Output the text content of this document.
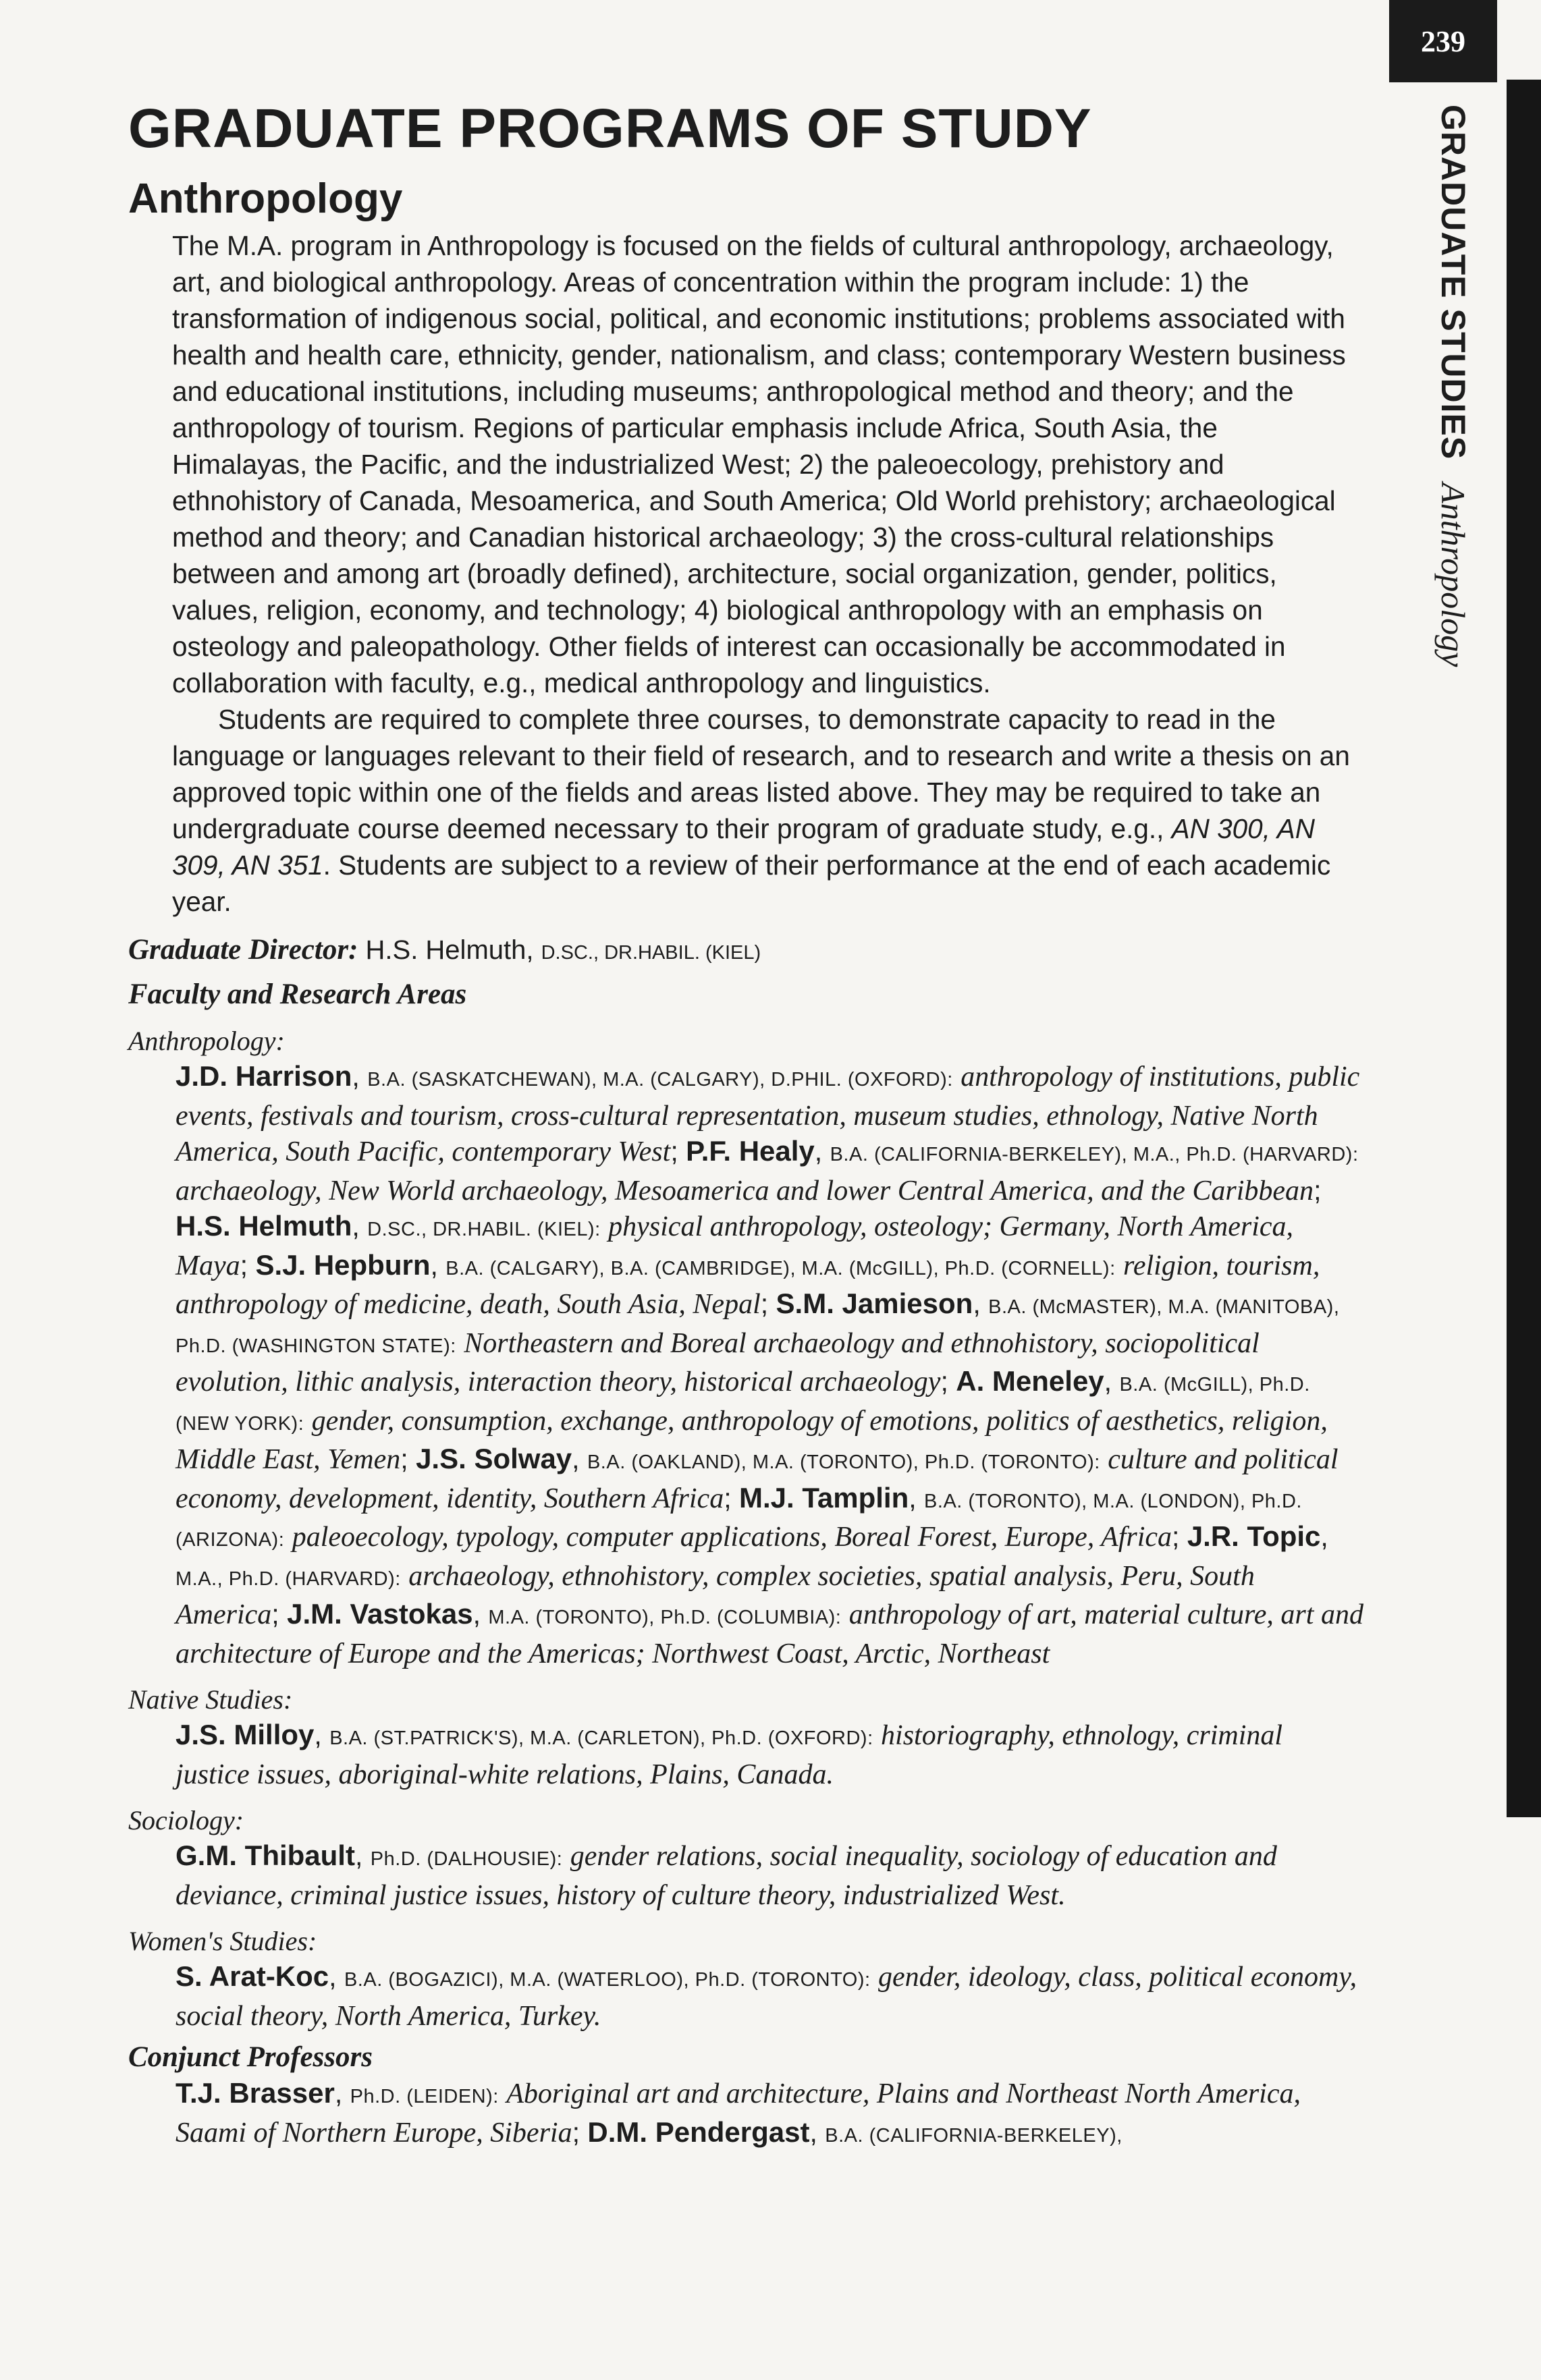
239
GRADUATE STUDIESAnthropology
GRADUATE PROGRAMS OF STUDY
Anthropology

The M.A. program in Anthropology is focused on the fields of cultural anthropology, archaeology, art, and biological anthropology. Areas of concentration within the program include: 1) the transformation of indigenous social, political, and economic institutions; problems associated with health and health care, ethnicity, gender, nationalism, and class; contemporary Western business and educational institutions, including museums; anthropological method and theory; and the anthropology of tourism. Regions of particular emphasis include Africa, South Asia, the Himalayas, the Pacific, and the industrialized West; 2) the paleoecology, prehistory and ethnohistory of Canada, Mesoamerica, and South America; Old World prehistory; archaeological method and theory; and Canadian historical archaeology; 3) the cross-cultural relationships between and among art (broadly defined), architecture, social organization, gender, politics, values, religion, economy, and technology; 4) biological anthropology with an emphasis on osteology and paleopathology. Other fields of interest can occasionally be accommodated in collaboration with faculty, e.g., medical anthropology and linguistics.

Students are required to complete three courses, to demonstrate capacity to read in the language or languages relevant to their field of research, and to research and write a thesis on an approved topic within one of the fields and areas listed above. They may be required to take an undergraduate course deemed necessary to their program of graduate study, e.g., AN 300, AN 309, AN 351. Students are subject to a review of their performance at the end of each academic year.

Graduate Director: H.S. Helmuth, D.SC., DR.HABIL. (KIEL)
Faculty and Research Areas
Anthropology:
J.D. Harrison, B.A. (SASKATCHEWAN), M.A. (CALGARY), D.PHIL. (OXFORD): anthropology of institutions, public events, festivals and tourism, cross-cultural representation, museum studies, ethnology, Native North America, South Pacific, contemporary West; P.F. Healy, B.A. (CALIFORNIA-BERKELEY), M.A., Ph.D. (HARVARD): archaeology, New World archaeology, Mesoamerica and lower Central America, and the Caribbean; H.S. Helmuth, D.SC., DR.HABIL. (KIEL): physical anthropology, osteology; Germany, North America, Maya; S.J. Hepburn, B.A. (CALGARY), B.A. (CAMBRIDGE), M.A. (McGILL), Ph.D. (CORNELL): religion, tourism, anthropology of medicine, death, South Asia, Nepal; S.M. Jamieson, B.A. (McMASTER), M.A. (MANITOBA), Ph.D. (WASHINGTON STATE): Northeastern and Boreal archaeology and ethnohistory, sociopolitical evolution, lithic analysis, interaction theory, historical archaeology; A. Meneley, B.A. (McGILL), Ph.D. (NEW YORK): gender, consumption, exchange, anthropology of emotions, politics of aesthetics, religion, Middle East, Yemen; J.S. Solway, B.A. (OAKLAND), M.A. (TORONTO), Ph.D. (TORONTO): culture and political economy, development, identity, Southern Africa; M.J. Tamplin, B.A. (TORONTO), M.A. (LONDON), Ph.D. (ARIZONA): paleoecology, typology, computer applications, Boreal Forest, Europe, Africa; J.R. Topic, M.A., Ph.D. (HARVARD): archaeology, ethnohistory, complex societies, spatial analysis, Peru, South America; J.M. Vastokas, M.A. (TORONTO), Ph.D. (COLUMBIA): anthropology of art, material culture, art and architecture of Europe and the Americas; Northwest Coast, Arctic, Northeast
Native Studies:
J.S. Milloy, B.A. (ST.PATRICK'S), M.A. (CARLETON), Ph.D. (OXFORD): historiography, ethnology, criminal justice issues, aboriginal-white relations, Plains, Canada.
Sociology:
G.M. Thibault, Ph.D. (DALHOUSIE): gender relations, social inequality, sociology of education and deviance, criminal justice issues, history of culture theory, industrialized West.
Women's Studies:
S. Arat-Koc, B.A. (BOGAZICI), M.A. (WATERLOO), Ph.D. (TORONTO): gender, ideology, class, political economy, social theory, North America, Turkey.
Conjunct Professors
T.J. Brasser, Ph.D. (LEIDEN): Aboriginal art and architecture, Plains and Northeast North America, Saami of Northern Europe, Siberia; D.M. Pendergast, B.A. (CALIFORNIA-BERKELEY),
